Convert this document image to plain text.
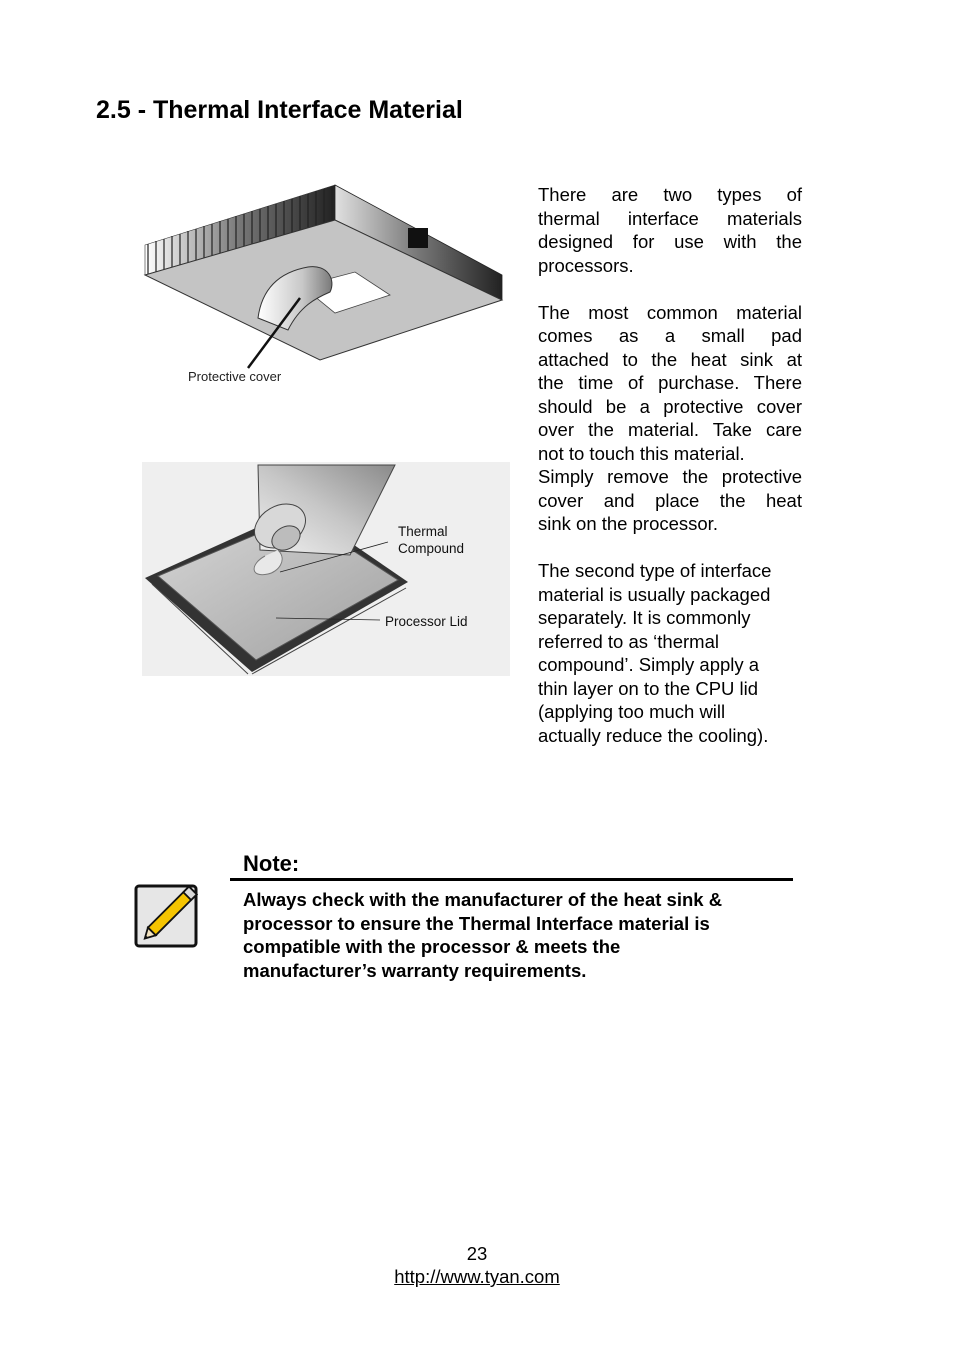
2.5 - Thermal Interface Material
Protective cover
Thermal
Compound
Processor Lid

There are two types of

thermal interface materials

designed for use with the

processors.

The most common material

comes as a small pad

attached to the heat sink at

the time of purchase. There

should be a protective cover

over the material. Take care

not to touch this material.

Simply remove the protective

cover and place the heat

sink on the processor.

The second type of interface

material is usually packaged

separately. It is commonly

referred to as ‘thermal

compound’. Simply apply a

thin layer on to the CPU lid

(applying too much will

actually reduce the cooling).

Note:
Always check with the manufacturer of the heat sink &
processor to ensure the Thermal Interface material is
compatible with the processor & meets the
manufacturer’s warranty requirements.
23
http://www.tyan.com
